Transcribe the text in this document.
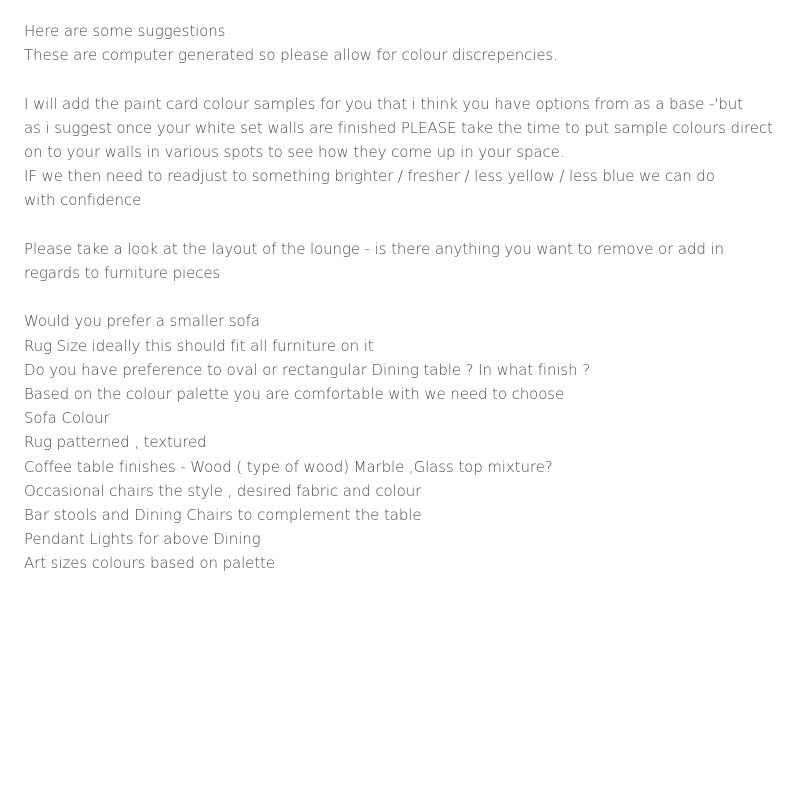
Here are some suggestions
These are computer generated so please allow for colour discrepencies.
I will add the paint card colour samples for you that i think you have options from as a base -'but
as i suggest once your white set walls are finished PLEASE take the time to put sample colours direct
on to your walls in various spots to see how they come up in your space.
IF we then need to readjust to something brighter / fresher / less yellow / less blue we can do
with confidence
Please take a look at the layout of the lounge - is there anything you want to remove or add in
regards to furniture pieces
Would you prefer a smaller sofa
Rug Size ideally this should fit all furniture on it
Do you have preference to oval or rectangular Dining table ? In what finish ?
Based on the colour palette you are comfortable with we need to choose
Sofa Colour
Rug patterned , textured
Coffee table finishes - Wood ( type of wood) Marble ,Glass top mixture?
Occasional chairs the style , desired fabric and colour
Bar stools and Dining Chairs to complement the table
Pendant Lights for above Dining
Art sizes colours based on palette
